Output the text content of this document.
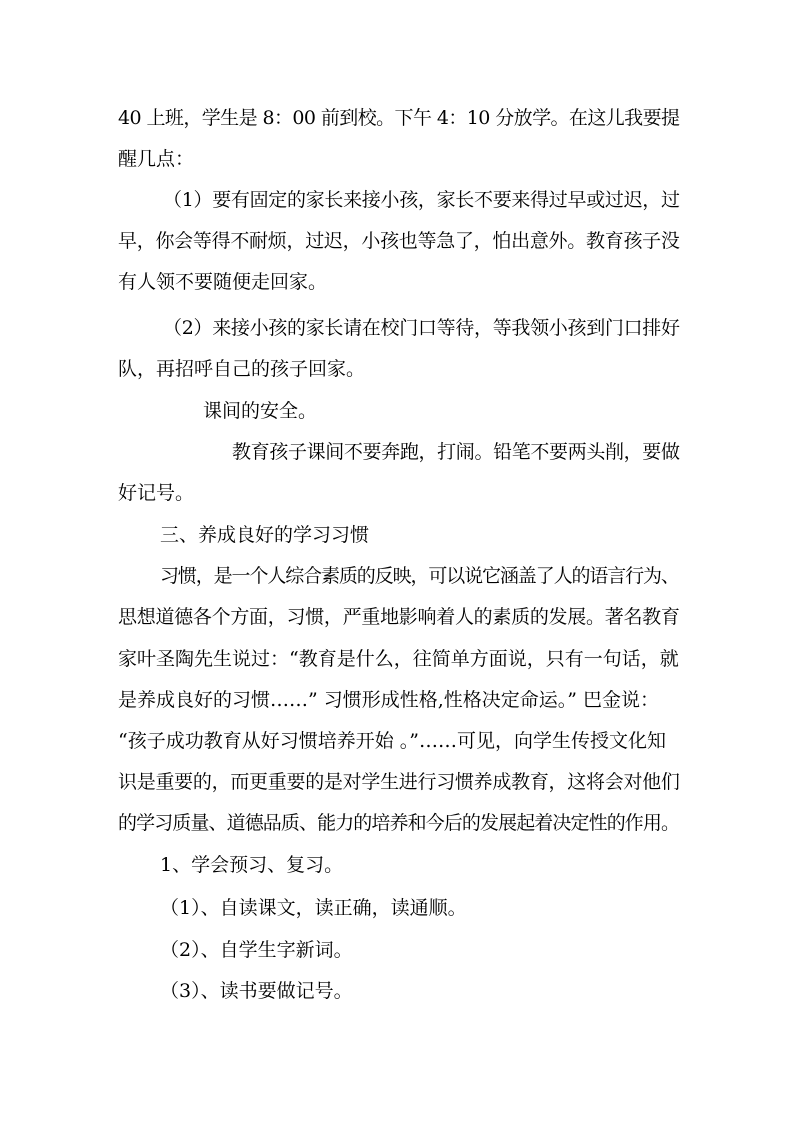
40 上班，学生是 8：00 前到校。下午 4：10 分放学。在这儿我要提
醒几点：
（1）要有固定的家长来接小孩，家长不要来得过早或过迟，过
早，你会等得不耐烦，过迟，小孩也等急了，怕出意外。教育孩子没
有人领不要随便走回家。
（2）来接小孩的家长请在校门口等待，等我领小孩到门口排好
队，再招呼自己的孩子回家。
课间的安全。
教育孩子课间不要奔跑，打闹。铅笔不要两头削，要做
好记号。
三、养成良好的学习习惯
习惯，是一个人综合素质的反映，可以说它涵盖了人的语言行为、
思想道德各个方面，习惯，严重地影响着人的素质的发展。著名教育
家叶圣陶先生说过：“教育是什么，往简单方面说，只有一句话，就
是养成良好的习惯……” 习惯形成性格,性格决定命运。” 巴金说：
“孩子成功教育从好习惯培养开始 。”……可见，向学生传授文化知
识是重要的，而更重要的是对学生进行习惯养成教育，这将会对他们
的学习质量、道德品质、能力的培养和今后的发展起着决定性的作用。
1、学会预习、复习。
（1）、自读课文，读正确，读通顺。
（2）、自学生字新词。
（3）、读书要做记号。
